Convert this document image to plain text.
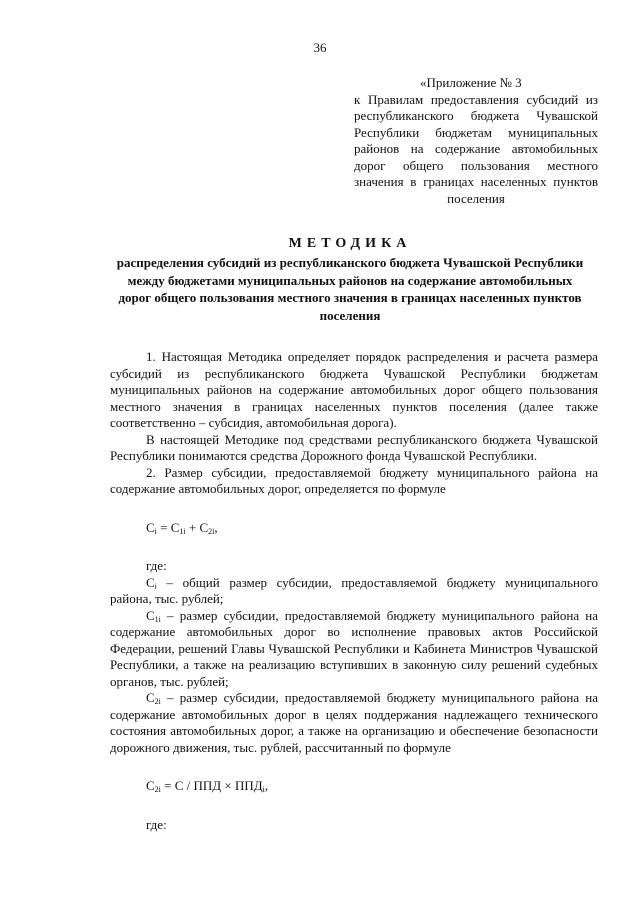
36
«Приложение № 3
к Правилам предоставления субсидий из республиканского бюджета Чувашской Республики бюджетам муниципальных районов на содержание автомобильных дорог общего пользования местного значения в границах населенных пунктов поселения
МЕТОДИКА
распределения субсидий из республиканского бюджета Чувашской Республики между бюджетами муниципальных районов на содержание автомобильных дорог общего пользования местного значения в границах населенных пунктов поселения

1. Настоящая Методика определяет порядок распределения и расчета размера субсидий из республиканского бюджета Чувашской Республики бюджетам муниципальных районов на содержание автомобильных дорог общего пользования местного значения в границах населенных пунктов поселения (далее также соответственно – субсидия, автомобильная дорога).

В настоящей Методике под средствами республиканского бюджета Чувашской Республики понимаются средства Дорожного фонда Чувашской Республики.

2. Размер субсидии, предоставляемой бюджету муниципального района на содержание автомобильных дорог, определяется по формуле

$C_i = C_{1i} + C_{2i}$,

где:

$C_i$ – общий размер субсидии, предоставляемой бюджету муниципального района, тыс. рублей;

$C_{1i}$ – размер субсидии, предоставляемой бюджету муниципального района на содержание автомобильных дорог во исполнение правовых актов Российской Федерации, решений Главы Чувашской Республики и Кабинета Министров Чувашской Республики, а также на реализацию вступивших в законную силу решений судебных органов, тыс. рублей;

$C_{2i}$ – размер субсидии, предоставляемой бюджету муниципального района на содержание автомобильных дорог в целях поддержания надлежащего технического состояния автомобильных дорог, а также на организацию и обеспечение безопасности дорожного движения, тыс. рублей, рассчитанный по формуле

$C_{2i} = C$ / ППД × $ППД_i$,

где:
